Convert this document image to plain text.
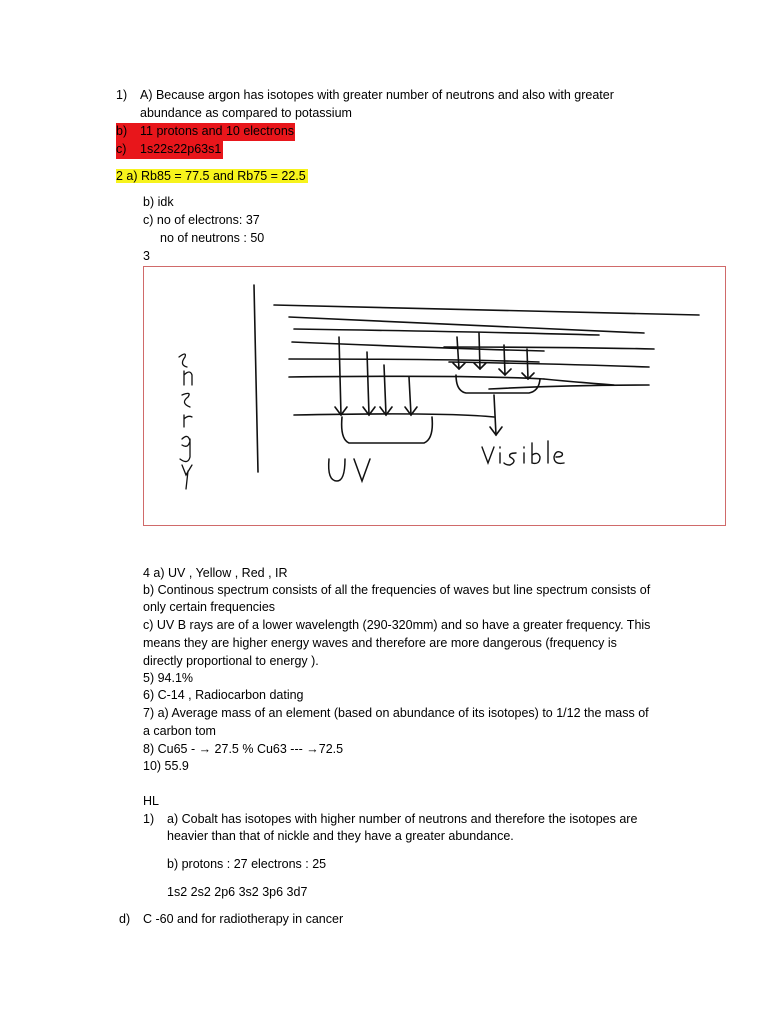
1) A) Because argon has isotopes with greater number of neutrons and also with greater
abundance as compared to potassium
b) 11 protons and 10 electrons
c) 1s22s22p63s1
2 a) Rb85 = 77.5 and Rb75 = 22.5
b) idk
c) no of electrons: 37
no of neutrons : 50
3
4 a) UV , Yellow , Red , IR
b) Continous spectrum consists of all the frequencies of waves but line spectrum consists of
only certain frequencies
c) UV B rays are of a lower wavelength (290-320mm) and so have a greater frequency. This
means they are higher energy waves and therefore are more dangerous (frequency is
directly proportional to energy ).
5) 94.1%
6) C-14 , Radiocarbon dating
7) a) Average mass of an element (based on abundance of its isotopes) to 1/12 the mass of
a carbon tom
8) Cu65 - → 27.5 % Cu63 --- →72.5
10) 55.9
HL
1) a) Cobalt has isotopes with higher number of neutrons and therefore the isotopes are
heavier than that of nickle and they have a greater abundance.
b) protons : 27 electrons : 25
1s2 2s2 2p6 3s2 3p6 3d7
d) C -60 and for radiotherapy in cancer
